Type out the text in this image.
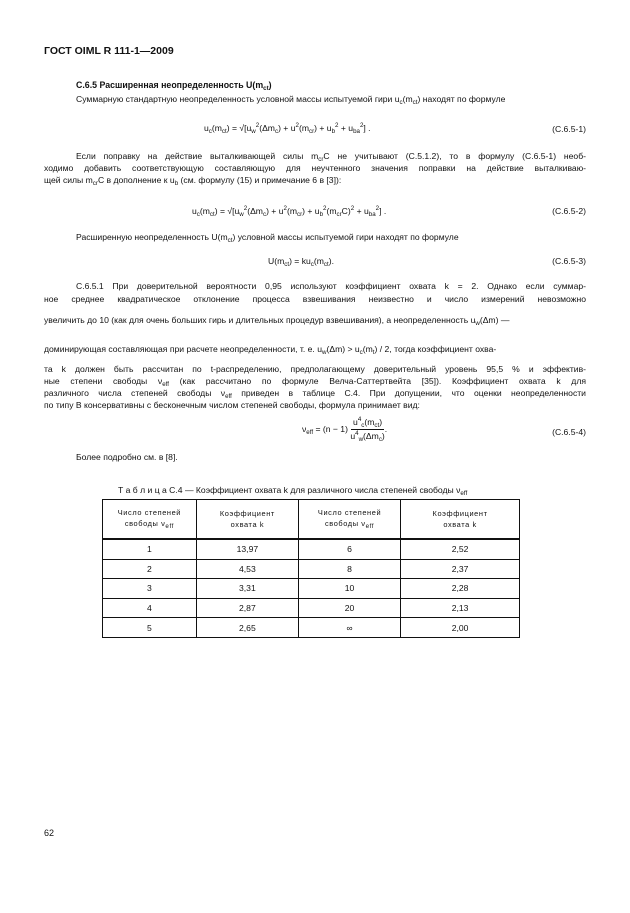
ГОСТ OIML R 111-1—2009
C.6.5 Расширенная неопределенность $U(m_{ct})$
Суммарную стандартную неопределенность условной массы испытуемой гири $u_c(m_{ct})$ находят по формуле
$u_c(m_{ct}) = √[u_w^2(\Delta m_c) + u^2(m_{cr}) + u_b^2 + u_{ba}^2]$ .	(C.6.5-1)
Если поправку на действие выталкивающей силы $m_{cr}C$ не учитывают (C.5.1.2), то в формулу (C.6.5-1) необ-
ходимо добавить соответствующую составляющую для неучтенного значения поправки на действие выталкиваю-
щей силы $m_{cr}C$ в дополнение к $u_b$ (см. формулу (15) и примечание 6 в [3]):
$u_c(m_{ct}) = √[u_w^2(\Delta m_c) + u^2(m_{cr}) + u_b^2(m_{cr}C)^2 + u_{ba}^2]$ .	(C.6.5-2)
Расширенную неопределенность $U(m_{ct})$ условной массы испытуемой гири находят по формуле
$U(m_{ct}) = ku_c(m_{ct})$.	(C.6.5-3)
C.6.5.1 При доверительной вероятности 0,95 используют коэффициент охвата k = 2. Однако если суммар-
ное среднее квадратическое отклонение процесса взвешивания неизвестно и число измерений невозможно
увеличить до 10 (как для очень больших гирь и длительных процедур взвешивания), а неопределенность $u_w(\Delta m)$ —
доминирующая составляющая при расчете неопределенности, т. е. $u_w(\Delta m) > u_c(m_t) / 2$, тогда коэффициент охва-
та k должен быть рассчитан по t-распределению, предполагающему доверительный уровень 95,5 % и эффектив-
ные степени свободы $\nu_{eff}$ (как рассчитано по формуле Велча-Саттертвейта [35]). Коэффициент охвата k для
различного числа степеней свободы $\nu_{eff}$ приведен в таблице C.4. При допущении, что оценки неопределенности
по типу B консервативны с бесконечным числом степеней свободы, формула принимает вид:
$\nu_{eff} = (n - 1) \frac{u^4_c(m_{ct})}{u^4_w(\Delta m_c)}$ .	(C.6.5-4)
Более подробно см. в [8].
Т а б л и ц а C.4 — Коэффициент охвата k для различного числа степеней свободы $\nu_{eff}$
Число степеней
свободы $\nu_{eff}$	Коэффициент
охвата k	Число степеней
свободы $\nu_{eff}$	Коэффициент
охвата k
1	13,97	6	2,52
2	4,53	8	2,37
3	3,31	10	2,28
4	2,87	20	2,13
5	2,65	∞	2,00
62
